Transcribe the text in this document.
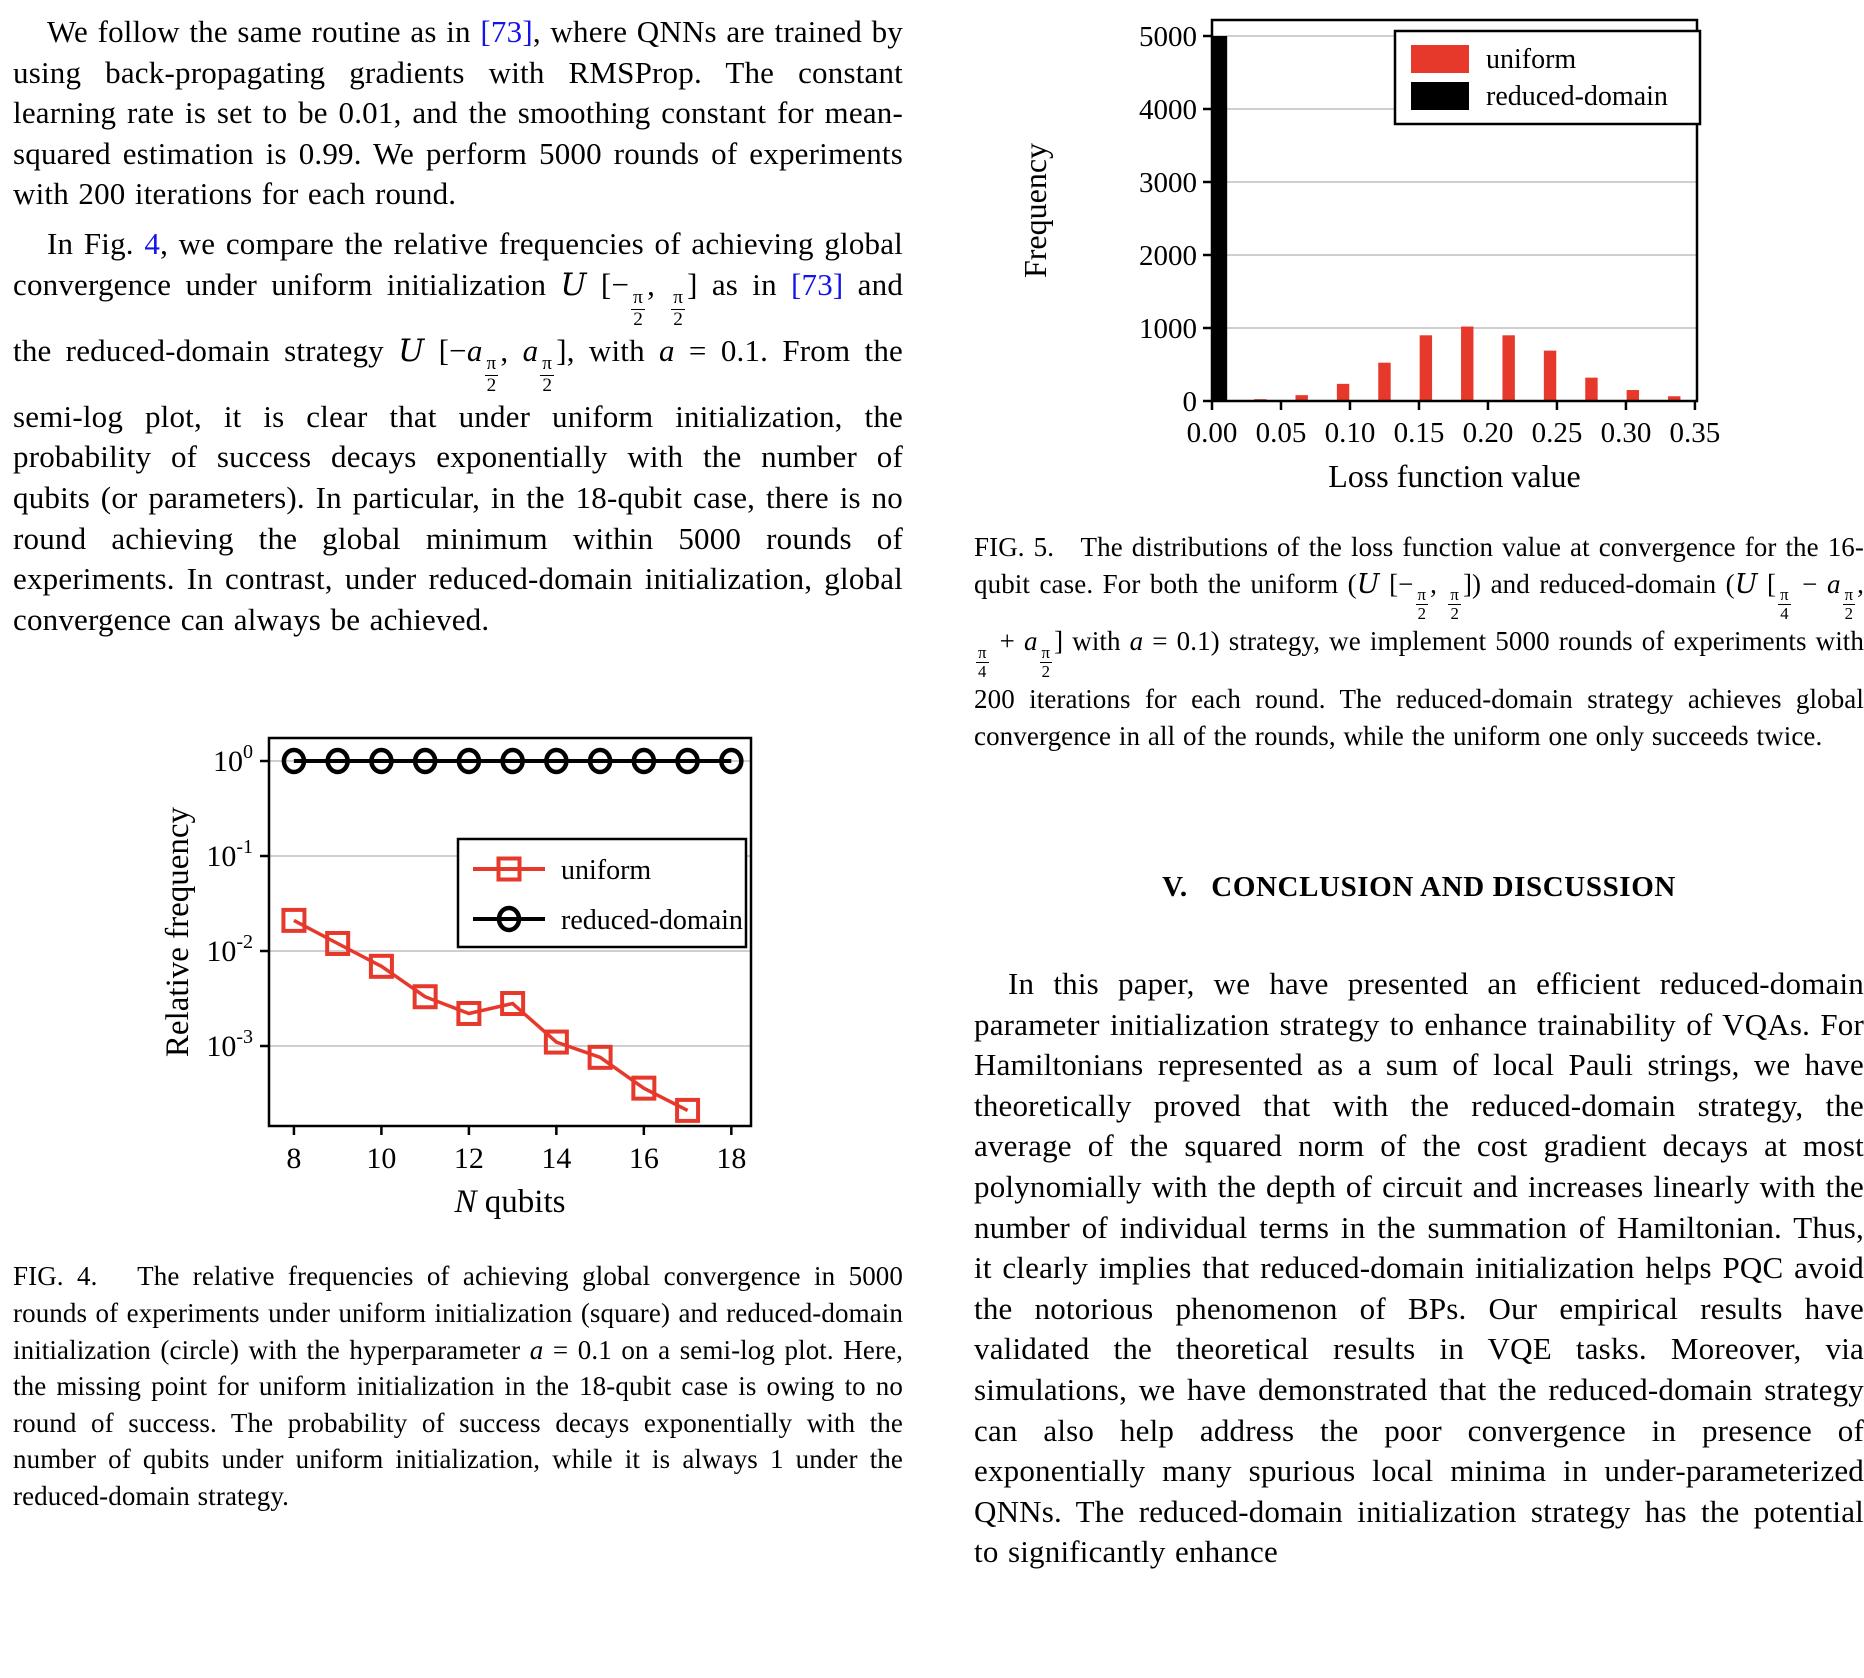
We follow the same routine as in [73], where QNNs are trained by using back-propagating gradients with RMSProp. The constant learning rate is set to be 0.01, and the smoothing constant for mean-squared estimation is 0.99. We perform 5000 rounds of experiments with 200 iterations for each round.

In Fig. 4, we compare the relative frequencies of achieving global convergence under uniform initialization U [−
$\frac{\pi}{2}$
,
$\frac{\pi}{2}$
] as in [73] and the reduced-domain strategy U [−a
$\frac{\pi}{2}$
, a
$\frac{\pi}{2}$
], with a = 0.1. From the semi-log plot, it is clear that under uniform initialization, the probability of success decays exponentially with the number of qubits (or parameters). In particular, in the 18-qubit case, there is no round achieving the global minimum within 5000 rounds of experiments. In contrast, under reduced-domain initialization, global convergence can always be achieved.

$10^0$
$10^{-1}$
$10^{-2}$
$10^{-3}$
8 10 12 14 16 18
N qubits
Relative frequency	uniform
reduced-domain

FIG. 4.   The relative frequencies of achieving global convergence in 5000 rounds of experiments under uniform initialization (square) and reduced-domain initialization (circle) with the hyperparameter a = 0.1 on a semi-log plot. Here, the missing point for uniform initialization in the 18-qubit case is owing to no round of success. The probability of success decays exponentially with the number of qubits under uniform initialization, while it is always 1 under the reduced-domain strategy.

0
1000
2000
3000
4000
5000
0.00 0.05 0.10 0.15 0.20 0.25 0.30 0.35
Loss function value
Frequency
uniform
reduced-domain

FIG. 5.   The distributions of the loss function value at convergence for the 16-qubit case. For both the uniform (U [−
$\frac{\pi}{2}$
,
$\frac{\pi}{2}$
]) and reduced-domain (U [
$\frac{\pi}{4}$
− a
$\frac{\pi}{2}$
,
$\frac{\pi}{4}$
+ a
$\frac{\pi}{2}$
] with a = 0.1) strategy, we implement 5000 rounds of experiments with 200 iterations for each round. The reduced-domain strategy achieves global convergence in all of the rounds, while the uniform one only succeeds twice.

V.   CONCLUSION AND DISCUSSION

In this paper, we have presented an efficient reduced-domain parameter initialization strategy to enhance trainability of VQAs. For Hamiltonians represented as a sum of local Pauli strings, we have theoretically proved that with the reduced-domain strategy, the average of the squared norm of the cost gradient decays at most polynomially with the depth of circuit and increases linearly with the number of individual terms in the summation of Hamiltonian. Thus, it clearly implies that reduced-domain initialization helps PQC avoid the notorious phenomenon of BPs. Our empirical results have validated the theoretical results in VQE tasks. Moreover, via simulations, we have demonstrated that the reduced-domain strategy can also help address the poor convergence in presence of exponentially many spurious local minima in under-parameterized QNNs. The reduced-domain initialization strategy has the potential to significantly enhance
